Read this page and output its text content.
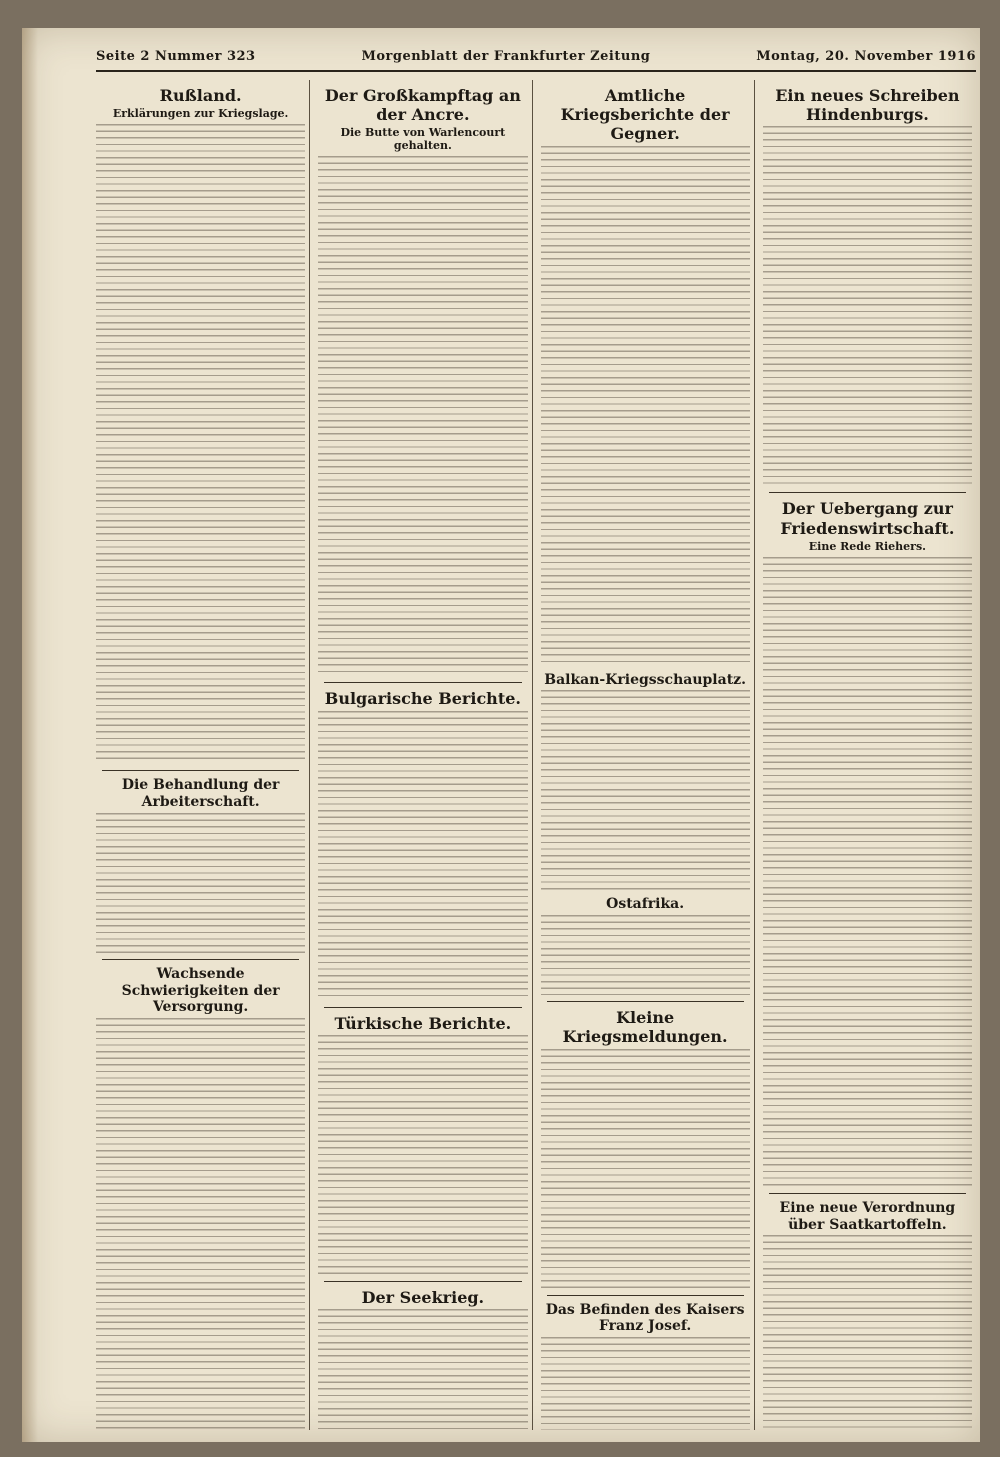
Seite 2 Nummer 323	Morgenblatt der Frankfurter Zeitung	Montag, 20. November 1916
Rußland.
Erklärungen zur Kriegslage.
Die Behandlung der Arbeiterschaft.
Wachsende Schwierigkeiten der Versorgung.
Der Großkampftag an der Ancre.
Die Butte von Warlencourt gehalten.
Bulgarische Berichte.
Türkische Berichte.
Der Seekrieg.
Amtliche Kriegsberichte der Gegner.
Balkan-Kriegsschauplatz.
Ostafrika.
Kleine Kriegsmeldungen.
Das Befinden des Kaisers Franz Josef.
Ein neues Schreiben Hindenburgs.
Der Uebergang zur Friedenswirtschaft.
Eine Rede Riehers.
Eine neue Verordnung über Saatkartoffeln.
